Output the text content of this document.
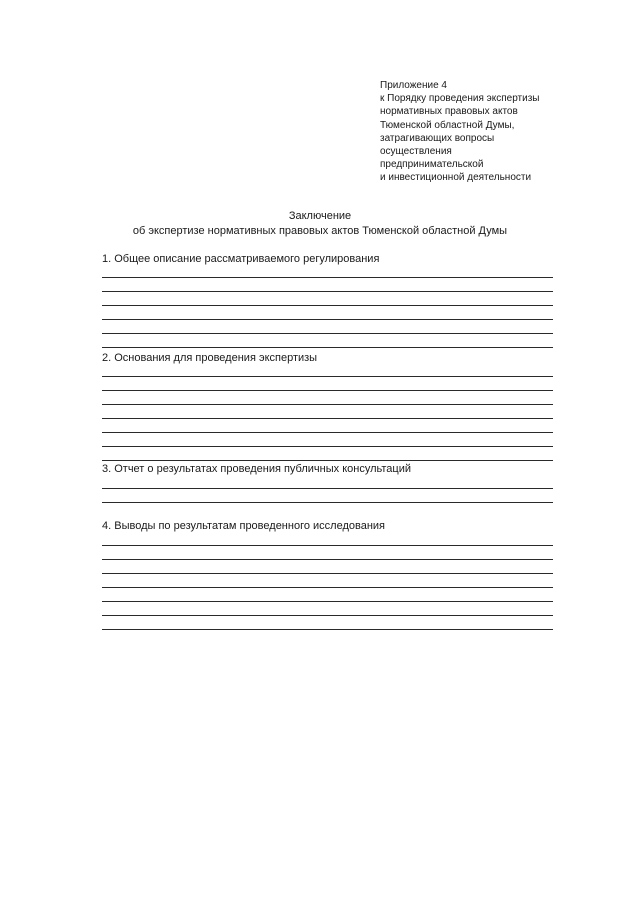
Приложение 4
к Порядку проведения экспертизы
нормативных правовых актов
Тюменской областной Думы,
затрагивающих вопросы
осуществления
предпринимательской
и инвестиционной деятельности
Заключение
об экспертизе нормативных правовых актов Тюменской областной Думы
1. Общее описание рассматриваемого регулирования
2. Основания для проведения экспертизы
3. Отчет о результатах проведения публичных консультаций
4. Выводы по результатам проведенного исследования
